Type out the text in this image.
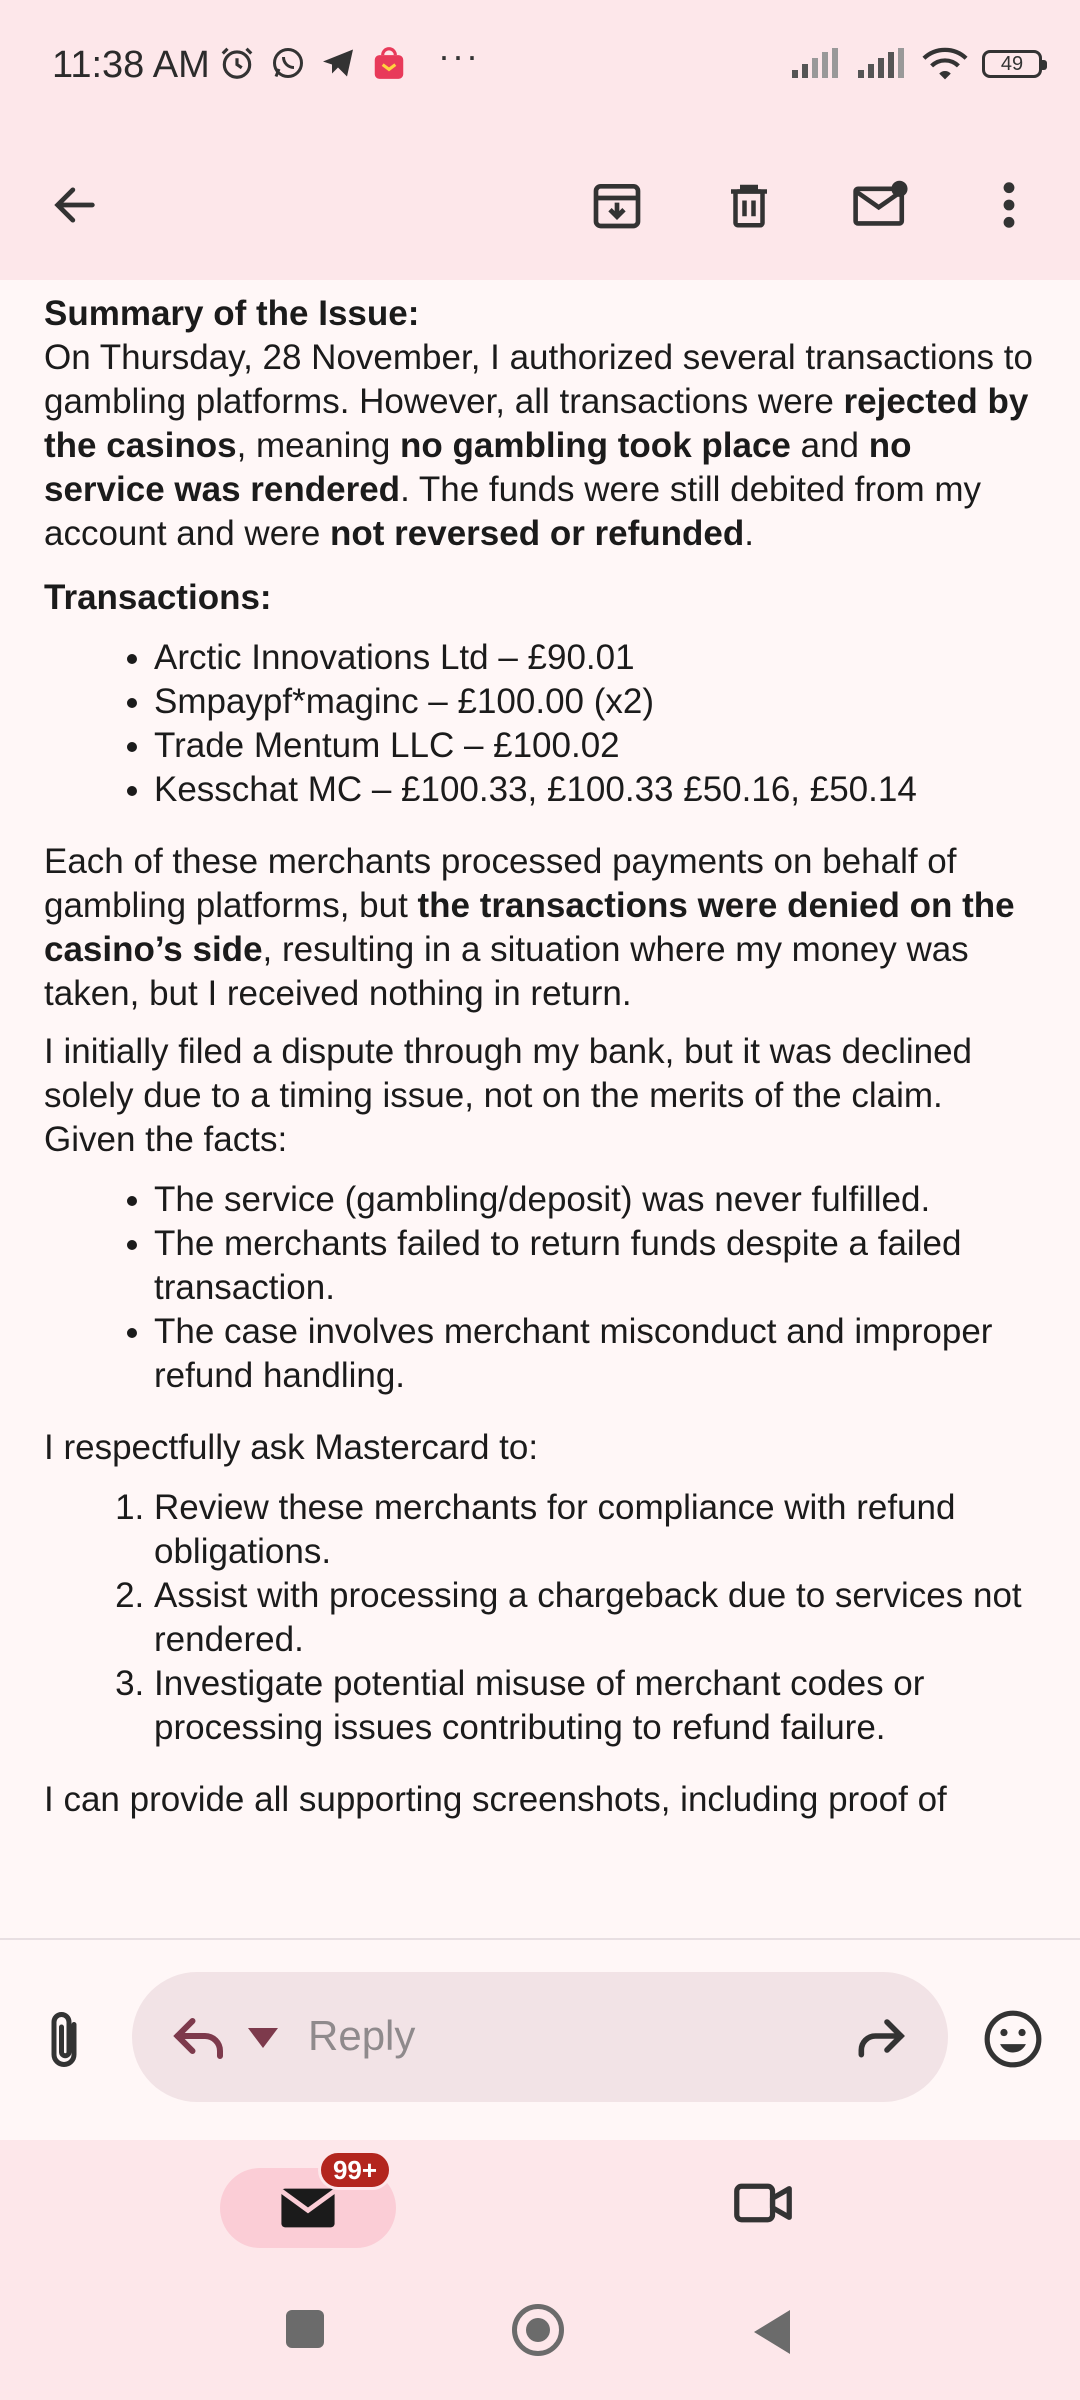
11:38 AM	···	49

Summary of the Issue:
On Thursday, 28 November, I authorized several transactions to gambling platforms. However, all transactions were rejected by the casinos, meaning no gambling took place and no service was rendered. The funds were still debited from my account and were not reversed or refunded.

Transactions:

• Arctic Innovations Ltd – £90.01
• Smpaypf*maginc – £100.00 (x2)
• Trade Mentum LLC – £100.02
• Kesschat MC – £100.33, £100.33 £50.16, £50.14

Each of these merchants processed payments on behalf of gambling platforms, but the transactions were denied on the casino’s side, resulting in a situation where my money was taken, but I received nothing in return.

I initially filed a dispute through my bank, but it was declined solely due to a timing issue, not on the merits of the claim. Given the facts:

• The service (gambling/deposit) was never fulfilled.
• The merchants failed to return funds despite a failed transaction.
• The case involves merchant misconduct and improper refund handling.

I respectfully ask Mastercard to:

1. Review these merchants for compliance with refund obligations.
2. Assist with processing a chargeback due to services not rendered.
3. Investigate potential misuse of merchant codes or processing issues contributing to refund failure.

I can provide all supporting screenshots, including proof of

Reply
99+
